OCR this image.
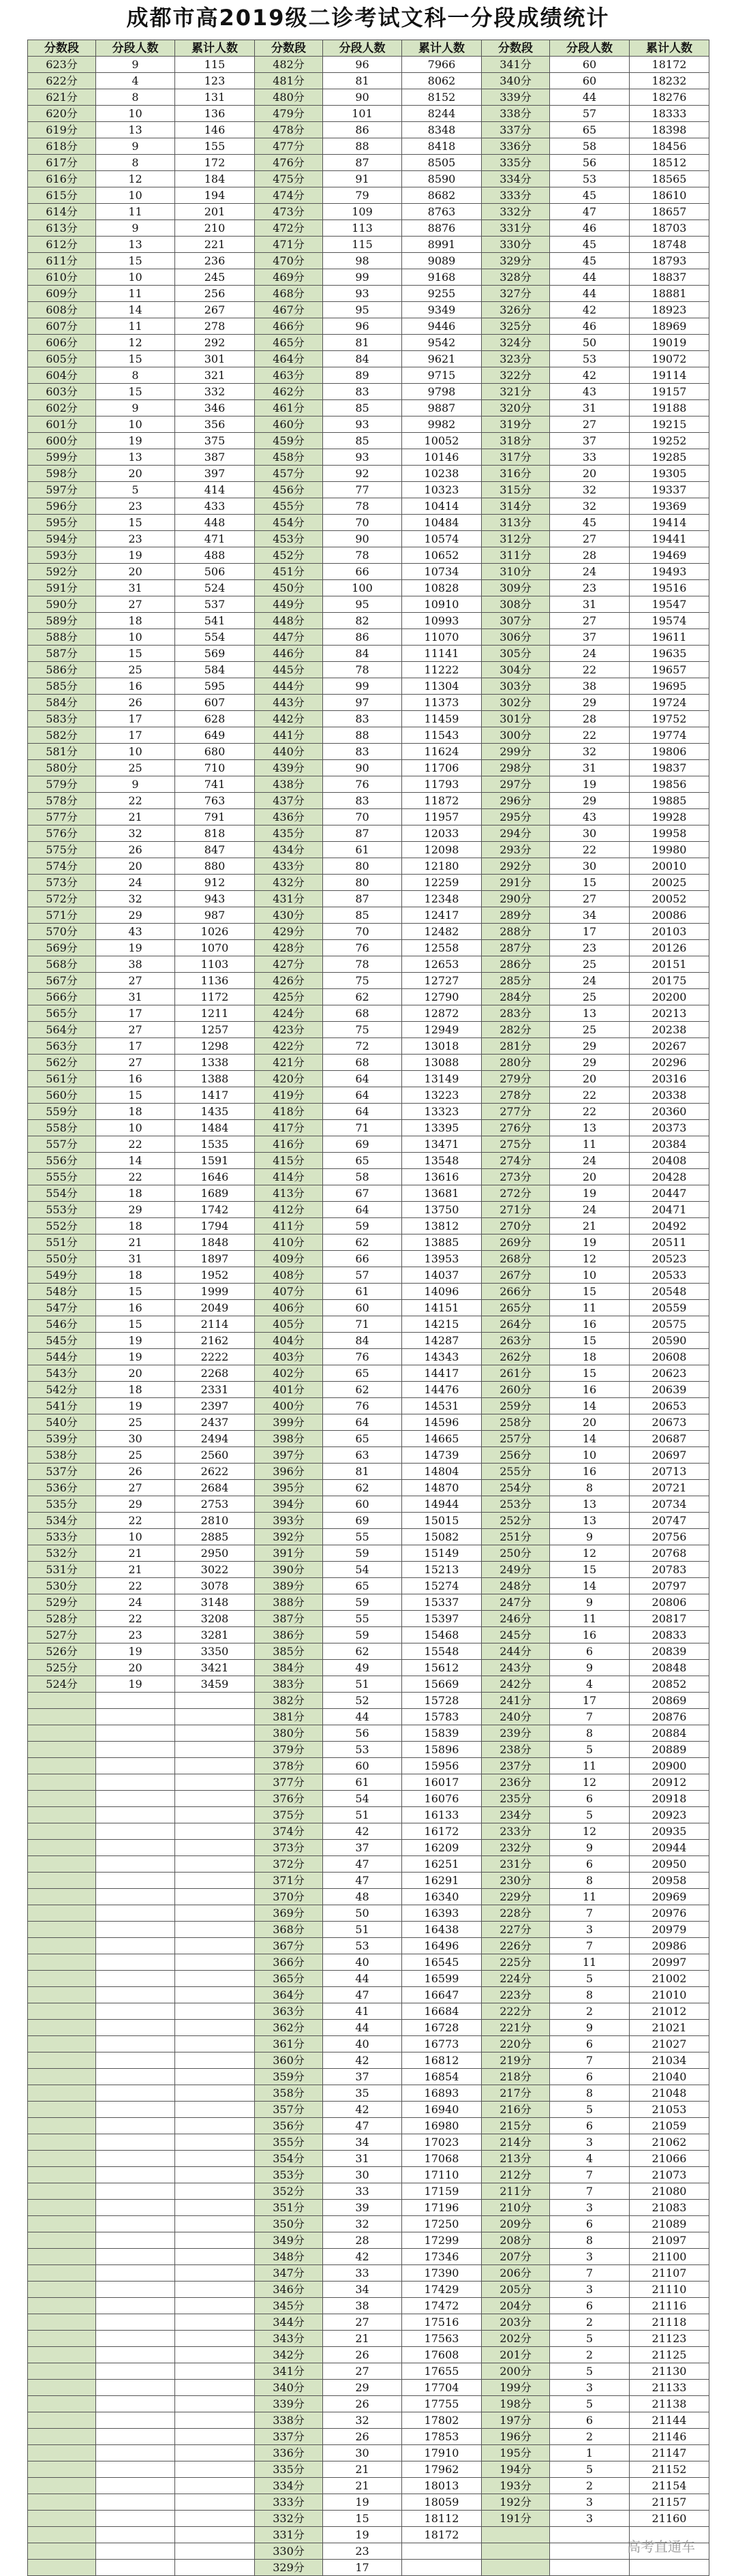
成都市高2019级二诊考试文科一分段成绩统计
分数段	分段人数	累计人数	分数段	分段人数	累计人数	分数段	分段人数	累计人数
623分	9	115	482分	96	7966	341分	60	18172
622分	4	123	481分	81	8062	340分	60	18232
621分	8	131	480分	90	8152	339分	44	18276
620分	10	136	479分	101	8244	338分	57	18333
619分	13	146	478分	86	8348	337分	65	18398
618分	9	155	477分	88	8418	336分	58	18456
617分	8	172	476分	87	8505	335分	56	18512
616分	12	184	475分	91	8590	334分	53	18565
615分	10	194	474分	79	8682	333分	45	18610
614分	11	201	473分	109	8763	332分	47	18657
613分	9	210	472分	113	8876	331分	46	18703
612分	13	221	471分	115	8991	330分	45	18748
611分	15	236	470分	98	9089	329分	45	18793
610分	10	245	469分	99	9168	328分	44	18837
609分	11	256	468分	93	9255	327分	44	18881
608分	14	267	467分	95	9349	326分	42	18923
607分	11	278	466分	96	9446	325分	46	18969
606分	12	292	465分	81	9542	324分	50	19019
605分	15	301	464分	84	9621	323分	53	19072
604分	8	321	463分	89	9715	322分	42	19114
603分	15	332	462分	83	9798	321分	43	19157
602分	9	346	461分	85	9887	320分	31	19188
601分	10	356	460分	93	9982	319分	27	19215
600分	19	375	459分	85	10052	318分	37	19252
599分	13	387	458分	93	10146	317分	33	19285
598分	20	397	457分	92	10238	316分	20	19305
597分	5	414	456分	77	10323	315分	32	19337
596分	23	433	455分	78	10414	314分	32	19369
595分	15	448	454分	70	10484	313分	45	19414
594分	23	471	453分	90	10574	312分	27	19441
593分	19	488	452分	78	10652	311分	28	19469
592分	20	506	451分	66	10734	310分	24	19493
591分	31	524	450分	100	10828	309分	23	19516
590分	27	537	449分	95	10910	308分	31	19547
589分	18	541	448分	82	10993	307分	27	19574
588分	10	554	447分	86	11070	306分	37	19611
587分	15	569	446分	84	11141	305分	24	19635
586分	25	584	445分	78	11222	304分	22	19657
585分	16	595	444分	99	11304	303分	38	19695
584分	26	607	443分	97	11373	302分	29	19724
583分	17	628	442分	83	11459	301分	28	19752
582分	17	649	441分	88	11543	300分	22	19774
581分	10	680	440分	83	11624	299分	32	19806
580分	25	710	439分	90	11706	298分	31	19837
579分	9	741	438分	76	11793	297分	19	19856
578分	22	763	437分	83	11872	296分	29	19885
577分	21	791	436分	70	11957	295分	43	19928
576分	32	818	435分	87	12033	294分	30	19958
575分	26	847	434分	61	12098	293分	22	19980
574分	20	880	433分	80	12180	292分	30	20010
573分	24	912	432分	80	12259	291分	15	20025
572分	32	943	431分	87	12348	290分	27	20052
571分	29	987	430分	85	12417	289分	34	20086
570分	43	1026	429分	70	12482	288分	17	20103
569分	19	1070	428分	76	12558	287分	23	20126
568分	38	1103	427分	78	12653	286分	25	20151
567分	27	1136	426分	75	12727	285分	24	20175
566分	31	1172	425分	62	12790	284分	25	20200
565分	17	1211	424分	68	12872	283分	13	20213
564分	27	1257	423分	75	12949	282分	25	20238
563分	17	1298	422分	72	13018	281分	29	20267
562分	27	1338	421分	68	13088	280分	29	20296
561分	16	1388	420分	64	13149	279分	20	20316
560分	15	1417	419分	64	13223	278分	22	20338
559分	18	1435	418分	64	13323	277分	22	20360
558分	10	1484	417分	71	13395	276分	13	20373
557分	22	1535	416分	69	13471	275分	11	20384
556分	14	1591	415分	65	13548	274分	24	20408
555分	22	1646	414分	58	13616	273分	20	20428
554分	18	1689	413分	67	13681	272分	19	20447
553分	29	1742	412分	64	13750	271分	24	20471
552分	18	1794	411分	59	13812	270分	21	20492
551分	21	1848	410分	62	13885	269分	19	20511
550分	31	1897	409分	66	13953	268分	12	20523
549分	18	1952	408分	57	14037	267分	10	20533
548分	15	1999	407分	61	14096	266分	15	20548
547分	16	2049	406分	60	14151	265分	11	20559
546分	15	2114	405分	71	14215	264分	16	20575
545分	19	2162	404分	84	14287	263分	15	20590
544分	19	2222	403分	76	14343	262分	18	20608
543分	20	2268	402分	65	14417	261分	15	20623
542分	18	2331	401分	62	14476	260分	16	20639
541分	19	2397	400分	76	14531	259分	14	20653
540分	25	2437	399分	64	14596	258分	20	20673
539分	30	2494	398分	65	14665	257分	14	20687
538分	25	2560	397分	63	14739	256分	10	20697
537分	26	2622	396分	81	14804	255分	16	20713
536分	27	2684	395分	62	14870	254分	8	20721
535分	29	2753	394分	60	14944	253分	13	20734
534分	22	2810	393分	69	15015	252分	13	20747
533分	10	2885	392分	55	15082	251分	9	20756
532分	21	2950	391分	59	15149	250分	12	20768
531分	21	3022	390分	54	15213	249分	15	20783
530分	22	3078	389分	65	15274	248分	14	20797
529分	24	3148	388分	59	15337	247分	9	20806
528分	22	3208	387分	55	15397	246分	11	20817
527分	23	3281	386分	59	15468	245分	16	20833
526分	19	3350	385分	62	15548	244分	6	20839
525分	20	3421	384分	49	15612	243分	9	20848
524分	19	3459	383分	51	15669	242分	4	20852
			382分	52	15728	241分	17	20869
			381分	44	15783	240分	7	20876
			380分	56	15839	239分	8	20884
			379分	53	15896	238分	5	20889
			378分	60	15956	237分	11	20900
			377分	61	16017	236分	12	20912
			376分	54	16076	235分	6	20918
			375分	51	16133	234分	5	20923
			374分	42	16172	233分	12	20935
			373分	37	16209	232分	9	20944
			372分	47	16251	231分	6	20950
			371分	47	16291	230分	8	20958
			370分	48	16340	229分	11	20969
			369分	50	16393	228分	7	20976
			368分	51	16438	227分	3	20979
			367分	53	16496	226分	7	20986
			366分	40	16545	225分	11	20997
			365分	44	16599	224分	5	21002
			364分	47	16647	223分	8	21010
			363分	41	16684	222分	2	21012
			362分	44	16728	221分	9	21021
			361分	40	16773	220分	6	21027
			360分	42	16812	219分	7	21034
			359分	37	16854	218分	6	21040
			358分	35	16893	217分	8	21048
			357分	42	16940	216分	5	21053
			356分	47	16980	215分	6	21059
			355分	34	17023	214分	3	21062
			354分	31	17068	213分	4	21066
			353分	30	17110	212分	7	21073
			352分	33	17159	211分	7	21080
			351分	39	17196	210分	3	21083
			350分	32	17250	209分	6	21089
			349分	28	17299	208分	8	21097
			348分	42	17346	207分	3	21100
			347分	33	17390	206分	7	21107
			346分	34	17429	205分	3	21110
			345分	38	17472	204分	6	21116
			344分	27	17516	203分	2	21118
			343分	21	17563	202分	5	21123
			342分	26	17608	201分	2	21125
			341分	27	17655	200分	5	21130
			340分	29	17704	199分	3	21133
			339分	26	17755	198分	5	21138
			338分	32	17802	197分	6	21144
			337分	26	17853	196分	2	21146
			336分	30	17910	195分	1	21147
			335分	21	17962	194分	5	21152
			334分	21	18013	193分	2	21154
			333分	19	18059	192分	3	21157
			332分	15	18112	191分	3	21160
			331分	19	18172			
			330分	23				
			329分	17				
高考直通车
